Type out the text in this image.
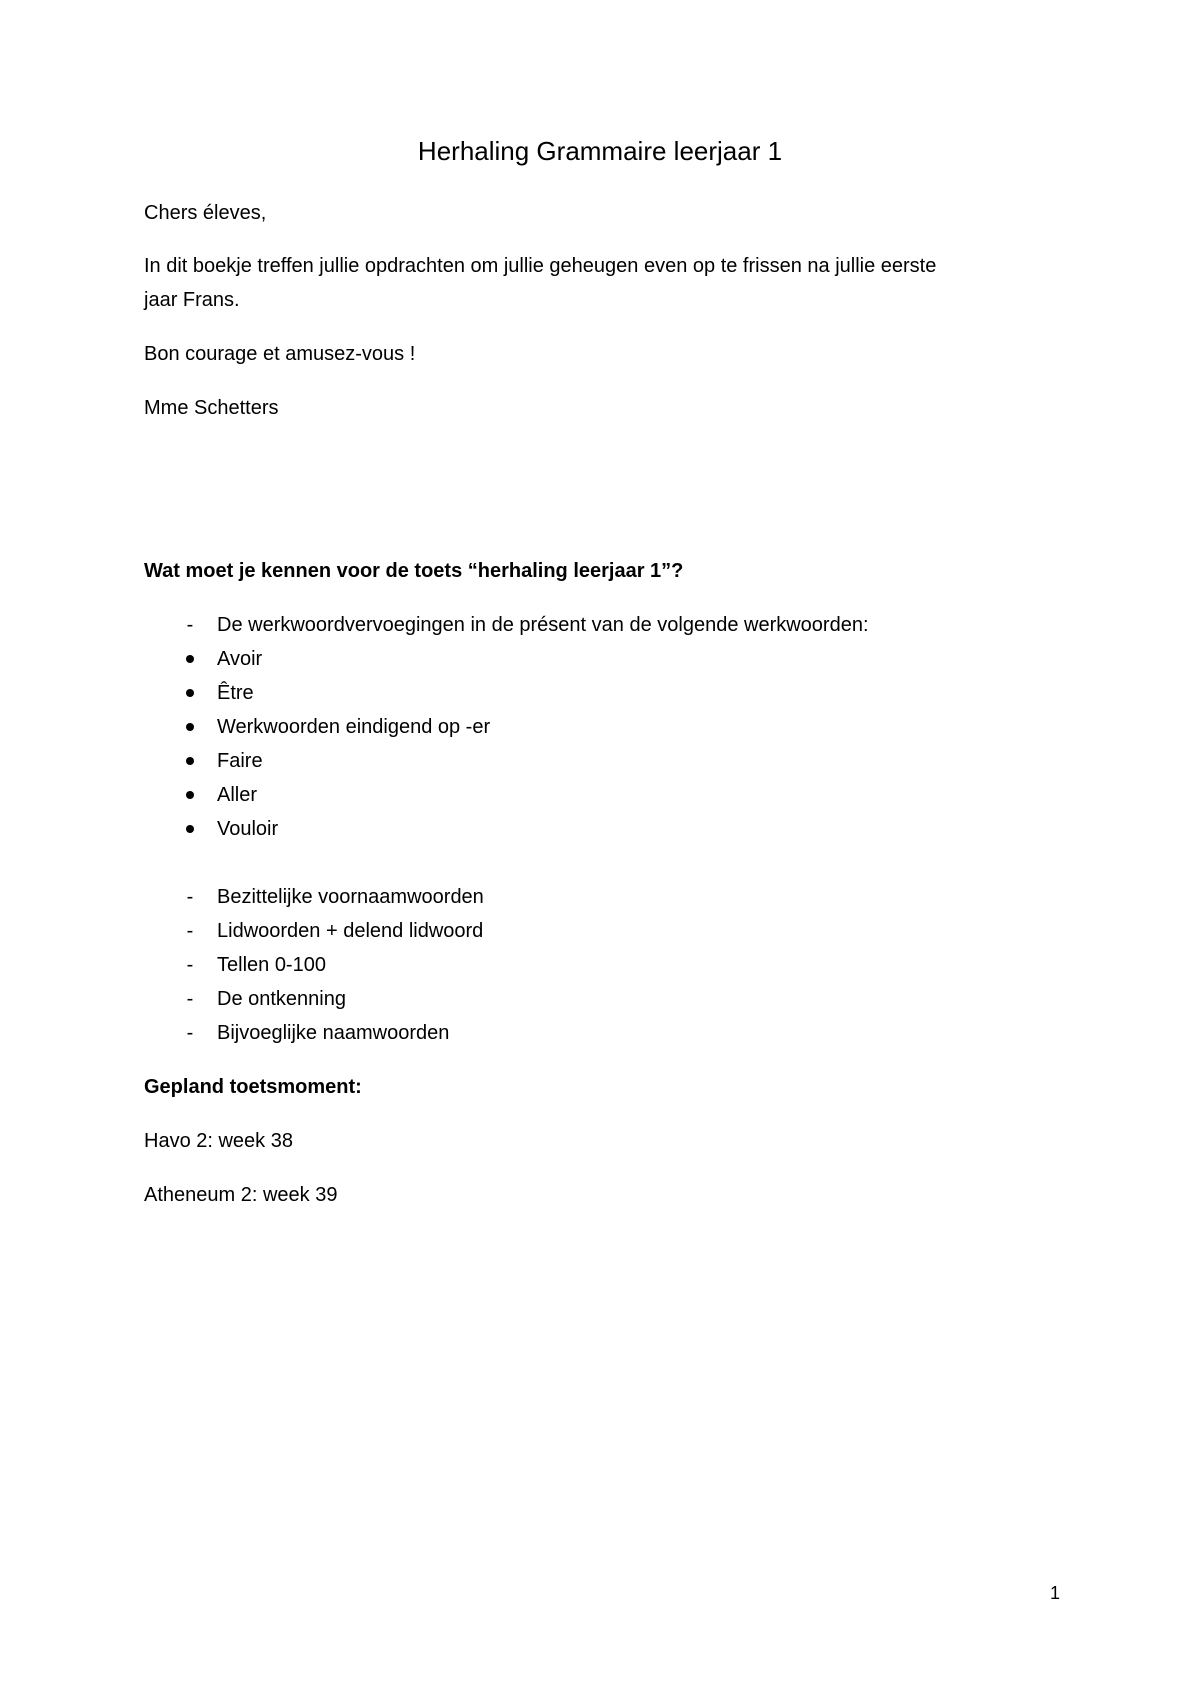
Herhaling Grammaire leerjaar 1
Chers éleves,
In dit boekje treffen jullie opdrachten om jullie geheugen even op te frissen na jullie eerste
jaar Frans.
Bon courage et amusez-vous !
Mme Schetters
Wat moet je kennen voor de toets “herhaling leerjaar 1”?
-	De werkwoordvervoegingen in de présent van de volgende werkwoorden:
Avoir
Être
Werkwoorden eindigend op -er
Faire
Aller
Vouloir
-	Bezittelijke voornaamwoorden
-	Lidwoorden + delend lidwoord
-	Tellen 0-100
-	De ontkenning
-	Bijvoeglijke naamwoorden
Gepland toetsmoment:
Havo 2: week 38
Atheneum 2: week 39
1
